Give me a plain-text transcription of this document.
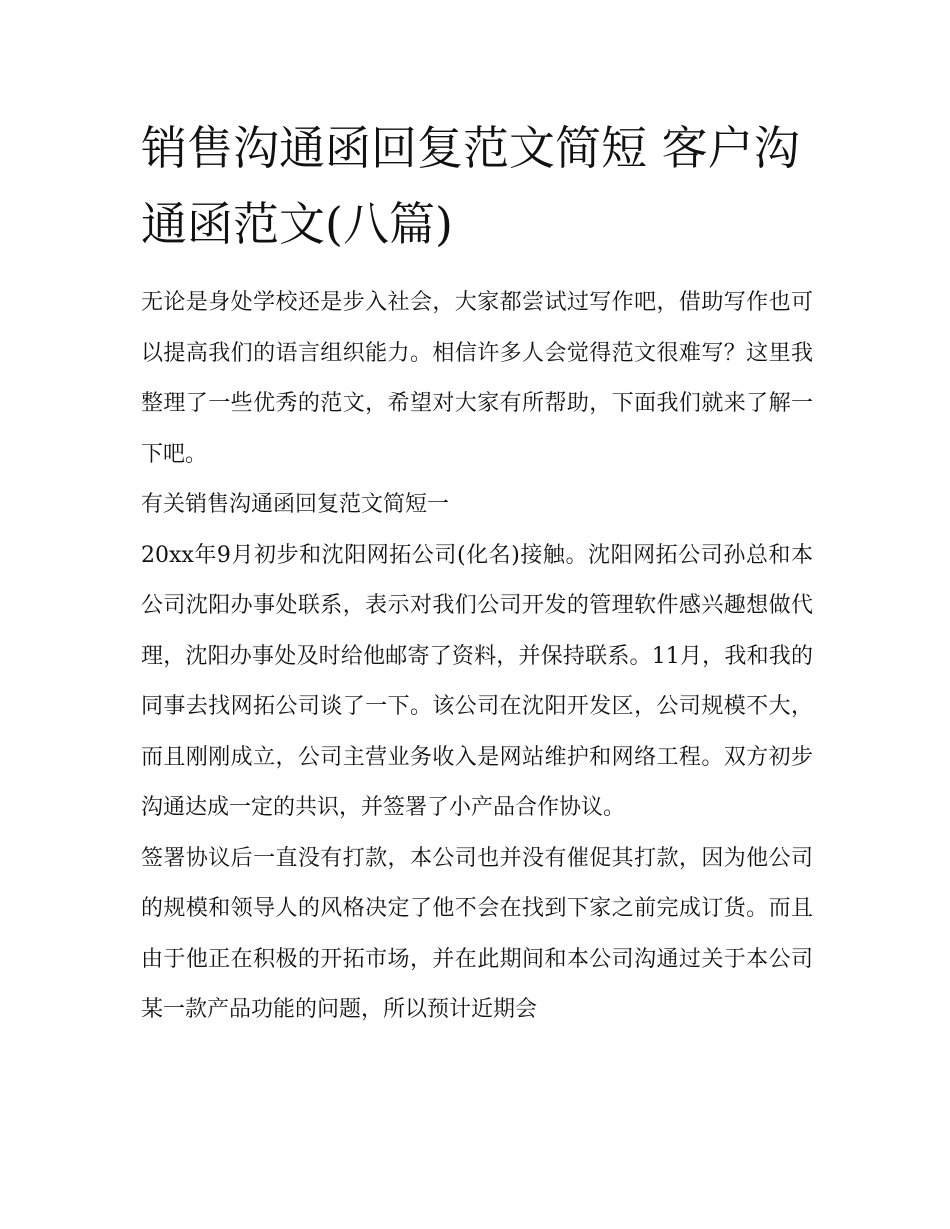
销售沟通函回复范文简短 客户沟通函范文(八篇)

无论是身处学校还是步入社会，大家都尝试过写作吧，借助写作也可以提高我们的语言组织能力。相信许多人会觉得范文很难写？这里我整理了一些优秀的范文，希望对大家有所帮助，下面我们就来了解一下吧。

有关销售沟通函回复范文简短一

20xx年9月初步和沈阳网拓公司(化名)接触。沈阳网拓公司孙总和本公司沈阳办事处联系，表示对我们公司开发的管理软件感兴趣想做代理，沈阳办事处及时给他邮寄了资料，并保持联系。11月，我和我的同事去找网拓公司谈了一下。该公司在沈阳开发区，公司规模不大，而且刚刚成立，公司主营业务收入是网站维护和网络工程。双方初步沟通达成一定的共识，并签署了小产品合作协议。

签署协议后一直没有打款，本公司也并没有催促其打款，因为他公司的规模和领导人的风格决定了他不会在找到下家之前完成订货。而且由于他正在积极的开拓市场，并在此期间和本公司沟通过关于本公司某一款产品功能的问题，所以预计近期会
